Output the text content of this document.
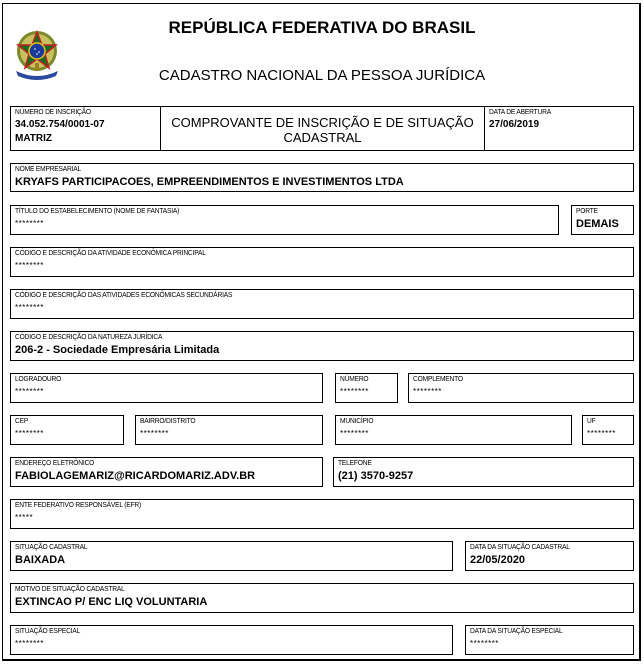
REPÚBLICA FEDERATIVA DO BRASIL
CADASTRO NACIONAL DA PESSOA JURÍDICA
NÚMERO DE INSCRIÇÃO
34.052.754/0001-07
MATRIZ
COMPROVANTE DE INSCRIÇÃO E DE SITUAÇÃO
CADASTRAL
DATA DE ABERTURA
27/06/2019
NOME EMPRESARIAL
KRYAFS PARTICIPACOES, EMPREENDIMENTOS E INVESTIMENTOS LTDA
TÍTULO DO ESTABELECIMENTO (NOME DE FANTASIA)
********
PORTE
DEMAIS
CÓDIGO E DESCRIÇÃO DA ATIVIDADE ECONÔMICA PRINCIPAL
********
CÓDIGO E DESCRIÇÃO DAS ATIVIDADES ECONÔMICAS SECUNDÁRIAS
********
CÓDIGO E DESCRIÇÃO DA NATUREZA JURÍDICA
206-2 - Sociedade Empresária Limitada
LOGRADOURO
********
NÚMERO
********
COMPLEMENTO
********
CEP
********
BAIRRO/DISTRITO
********
MUNICÍPIO
********
UF
********
ENDEREÇO ELETRÔNICO
FABIOLAGEMARIZ@RICARDOMARIZ.ADV.BR
TELEFONE
(21) 3570-9257
ENTE FEDERATIVO RESPONSÁVEL (EFR)
*****
SITUAÇÃO CADASTRAL
BAIXADA
DATA DA SITUAÇÃO CADASTRAL
22/05/2020
MOTIVO DE SITUAÇÃO CADASTRAL
EXTINCAO P/ ENC LIQ VOLUNTARIA
SITUAÇÃO ESPECIAL
********
DATA DA SITUAÇÃO ESPECIAL
********
